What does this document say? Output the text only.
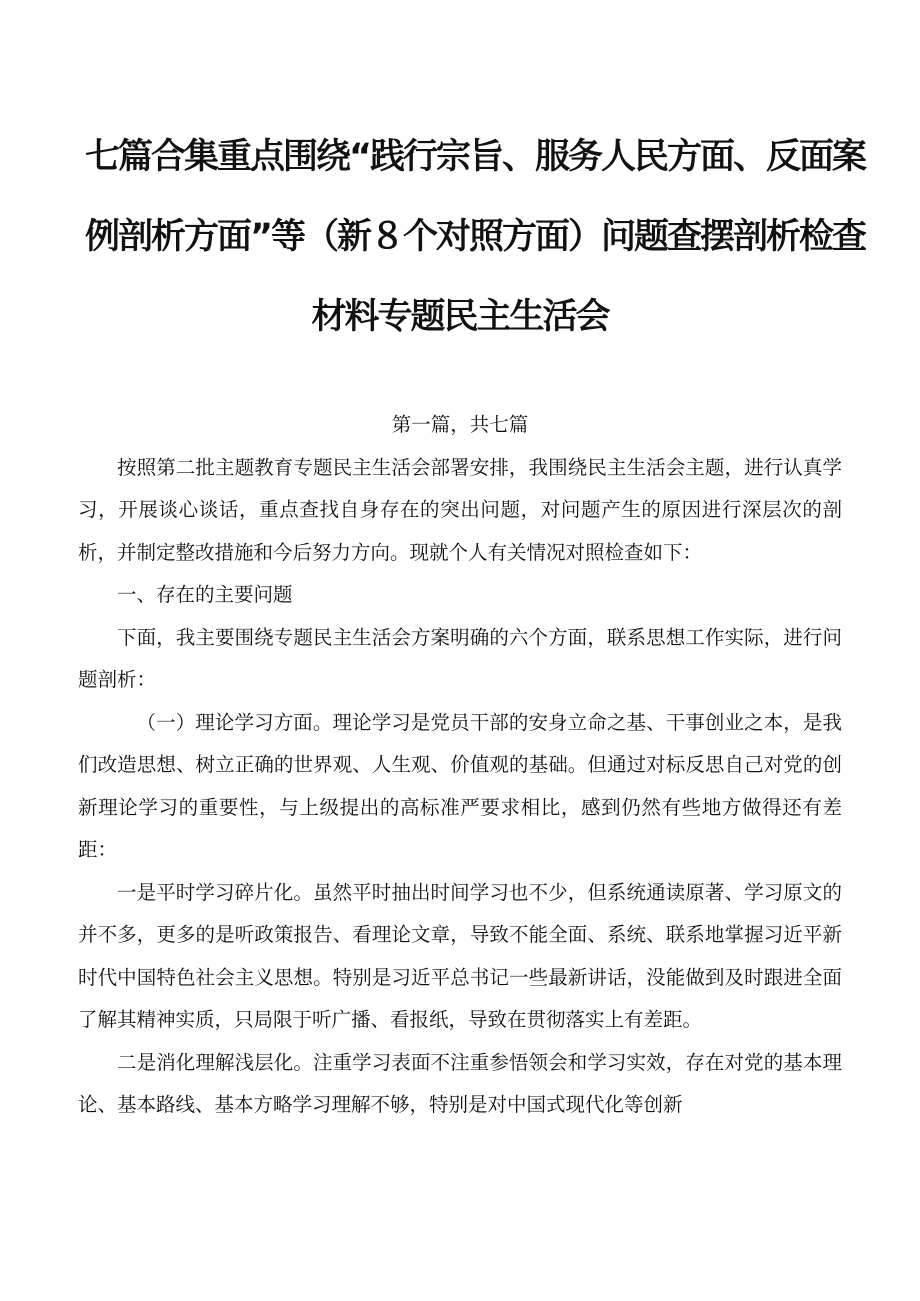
七篇合集重点围绕“践行宗旨、服务人民方面、反面案
例剖析方面”等（新８个对照方面）问题查摆剖析检查
材料专题民主生活会

第一篇，共七篇

按照第二批主题教育专题民主生活会部署安排，我围绕民主生活会主题，进行认真学习，开展谈心谈话，重点查找自身存在的突出问题，对问题产生的原因进行深层次的剖析，并制定整改措施和今后努力方向。现就个人有关情况对照检查如下：

一、存在的主要问题

下面，我主要围绕专题民主生活会方案明确的六个方面，联系思想工作实际，进行问题剖析：

（一）理论学习方面。理论学习是党员干部的安身立命之基、干事创业之本，是我们改造思想、树立正确的世界观、人生观、价值观的基础。但通过对标反思自己对党的创新理论学习的重要性，与上级提出的高标准严要求相比，感到仍然有些地方做得还有差距：

一是平时学习碎片化。虽然平时抽出时间学习也不少，但系统通读原著、学习原文的并不多，更多的是听政策报告、看理论文章，导致不能全面、系统、联系地掌握习近平新时代中国特色社会主义思想。特别是习近平总书记一些最新讲话，没能做到及时跟进全面了解其精神实质，只局限于听广播、看报纸，导致在贯彻落实上有差距。

二是消化理解浅层化。注重学习表面不注重参悟领会和学习实效，存在对党的基本理论、基本路线、基本方略学习理解不够，特别是对中国式现代化等创新
